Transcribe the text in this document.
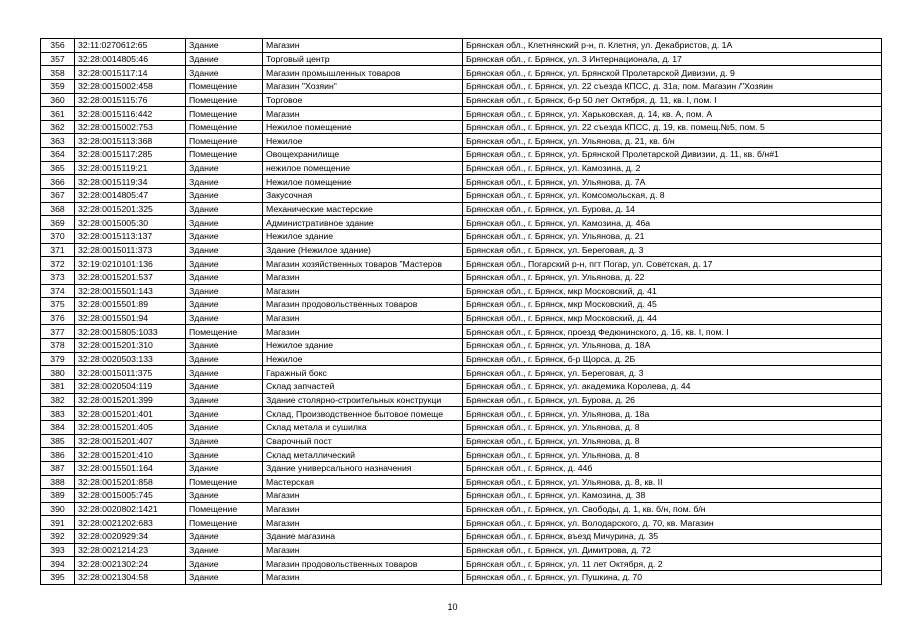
356	32:11:0270612:65	Здание	Магазин	Брянская обл., Клетнянский р-н, п. Клетня, ул. Декабристов, д. 1А
357	32:28:0014805:46	Здание	Торговый центр	Брянская обл., г. Брянск, ул. 3 Интернационала, д. 17
358	32:28:0015117:14	Здание	Магазин промышленных товаров	Брянская обл., г. Брянск, ул. Брянской Пролетарской Дивизии, д. 9
359	32:28:0015002:458	Помещение	Магазин "Хозяин"	Брянская обл., г. Брянск, ул. 22 съезда КПСС, д. 31а, пом. Магазин /"Хозяин
360	32:28:0015115:76	Помещение	Торговое	Брянская обл., г. Брянск, б-р 50 лет Октября, д. 11, кв. I, пом. I
361	32:28:0015116:442	Помещение	Магазин	Брянская обл., г. Брянск, ул. Харьковская, д. 14, кв. А, пом. А
362	32:28:0015002:753	Помещение	Нежилое помещение	Брянская обл., г. Брянск, ул. 22 съезда КПСС, д. 19, кв. помещ.№5, пом. 5
363	32:28:0015113:368	Помещение	Нежилое	Брянская обл., г. Брянск, ул. Ульянова, д. 21, кв. б/н
364	32:28:0015117:285	Помещение	Овощехранилище	Брянская обл., г. Брянск, ул. Брянской Пролетарской Дивизии, д. 11, кв. б/н#1
365	32:28:0015119:21	Здание	нежилое помещение	Брянская обл., г. Брянск, ул. Камозина, д. 2
366	32:28:0015119:34	Здание	Нежилое помещение	Брянская обл., г. Брянск, ул. Ульянова, д. 7А
367	32:28:0014805:47	Здание	Закусочная	Брянская обл., г. Брянск, ул. Комсомольская, д. 8
368	32:28:0015201:325	Здание	Механические мастерские	Брянская обл., г. Брянск, ул. Бурова, д. 14
369	32:28:0015005:30	Здание	Административное здание	Брянская обл., г. Брянск, ул. Камозина, д. 46а
370	32:28:0015113:137	Здание	Нежилое здание	Брянская обл., г. Брянск, ул. Ульянова, д. 21
371	32:28:0015011:373	Здание	Здание (Нежилое здание)	Брянская обл., г. Брянск, ул. Береговая, д. 3
372	32:19:0210101:136	Здание	Магазин хозяйственных товаров "Мастеров	Брянская обл., Погарский р-н, пгт Погар, ул. Советская, д. 17
373	32:28:0015201:537	Здание	Магазин	Брянская обл., г. Брянск, ул. Ульянова, д. 22
374	32:28:0015501:143	Здание	Магазин	Брянская обл., г. Брянск, мкр Московский, д. 41
375	32:28:0015501:89	Здание	Магазин продовольственных товаров	Брянская обл., г. Брянск, мкр Московский, д. 45
376	32:28:0015501:94	Здание	Магазин	Брянская обл., г. Брянск, мкр Московский, д. 44
377	32:28:0015805:1033	Помещение	Магазин	Брянская обл., г. Брянск, проезд Федюнинского, д. 16, кв. I, пом. I
378	32:28:0015201:310	Здание	Нежилое здание	Брянская обл., г. Брянск, ул. Ульянова, д. 18А
379	32:28:0020503:133	Здание	Нежилое	Брянская обл., г. Брянск, б-р Щорса, д. 2Б
380	32:28:0015011:375	Здание	Гаражный бокс	Брянская обл., г. Брянск, ул. Береговая, д. 3
381	32:28:0020504:119	Здание	Склад запчастей	Брянская обл., г. Брянск, ул. академика Королева, д. 44
382	32:28:0015201:399	Здание	Здание столярно-строительных конструкци	Брянская обл., г. Брянск, ул. Бурова, д. 26
383	32:28:0015201:401	Здание	Склад, Производственное бытовое помеще	Брянская обл., г. Брянск, ул. Ульянова, д. 18а
384	32:28:0015201:405	Здание	Склад метала и сушилка	Брянская обл., г. Брянск, ул. Ульянова, д. 8
385	32:28:0015201:407	Здание	Сварочный пост	Брянская обл., г. Брянск, ул. Ульянова, д. 8
386	32:28:0015201:410	Здание	Склад металлический	Брянская обл., г. Брянск, ул. Ульянова, д. 8
387	32:28:0015501:164	Здание	Здание универсального назначения	Брянская обл., г. Брянск, д. 44б
388	32:28:0015201:858	Помещение	Мастерская	Брянская обл., г. Брянск, ул. Ульянова, д. 8, кв. II
389	32:28:0015005:745	Здание	Магазин	Брянская обл., г. Брянск, ул. Камозина, д. 38
390	32:28:0020802:1421	Помещение	Магазин	Брянская обл., г. Брянск, ул. Свободы, д. 1, кв. б/н, пом. б/н
391	32:28:0021202:683	Помещение	Магазин	Брянская обл., г. Брянск, ул. Володарского, д. 70, кв. Магазин
392	32:28:0020929:34	Здание	Здание магазина	Брянская обл., г. Брянск, въезд Мичурина, д. 35
393	32:28:0021214:23	Здание	Магазин	Брянская обл., г. Брянск, ул. Димитрова, д. 72
394	32:28:0021302:24	Здание	Магазин продовольственных товаров	Брянская обл., г. Брянск, ул. 11 лет Октября, д. 2
395	32:28:0021304:58	Здание	Магазин	Брянская обл., г. Брянск, ул. Пушкина, д. 70
10
